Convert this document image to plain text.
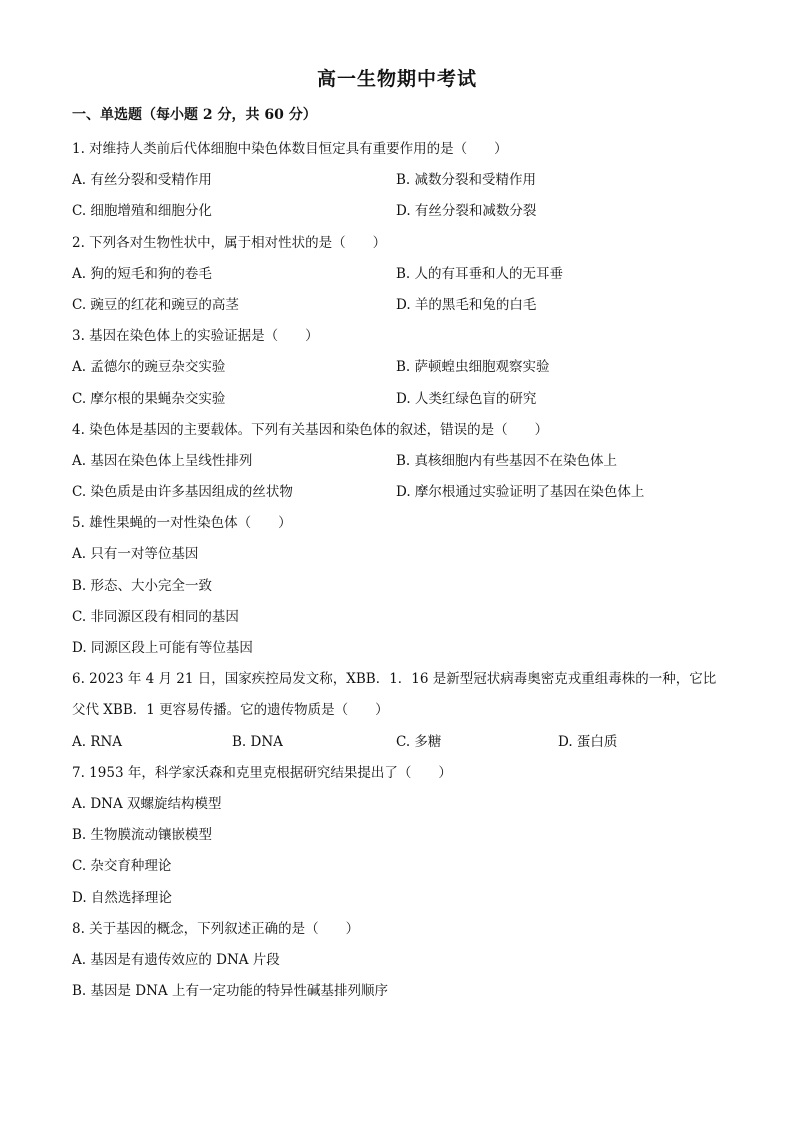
高一生物期中考试
一、单选题（每小题 2 分，共 60 分）
1. 对维持人类前后代体细胞中染色体数目恒定具有重要作用的是（　　）
A. 有丝分裂和受精作用	B. 减数分裂和受精作用
C. 细胞增殖和细胞分化	D. 有丝分裂和减数分裂
2. 下列各对生物性状中，属于相对性状的是（　　）
A. 狗的短毛和狗的卷毛	B. 人的有耳垂和人的无耳垂
C. 豌豆的红花和豌豆的高茎	D. 羊的黑毛和兔的白毛
3. 基因在染色体上的实验证据是（　　）
A. 孟德尔的豌豆杂交实验	B. 萨顿蝗虫细胞观察实验
C. 摩尔根的果蝇杂交实验	D. 人类红绿色盲的研究
4. 染色体是基因的主要载体。下列有关基因和染色体的叙述，错误的是（　　）
A. 基因在染色体上呈线性排列	B. 真核细胞内有些基因不在染色体上
C. 染色质是由许多基因组成的丝状物	D. 摩尔根通过实验证明了基因在染色体上
5. 雄性果蝇的一对性染色体（　　）
A. 只有一对等位基因
B. 形态、大小完全一致
C. 非同源区段有相同的基因
D. 同源区段上可能有等位基因
6. 2023 年 4 月 21 日，国家疾控局发文称，XBB．1．16 是新型冠状病毒奥密克戎重组毒株的一种，它比
父代 XBB．1 更容易传播。它的遗传物质是（　　）
A. RNA	B. DNA	C. 多糖	D. 蛋白质
7. 1953 年，科学家沃森和克里克根据研究结果提出了（　　）
A. DNA 双螺旋结构模型
B. 生物膜流动镶嵌模型
C. 杂交育种理论
D. 自然选择理论
8. 关于基因的概念，下列叙述正确的是（　　）
A. 基因是有遗传效应的 DNA 片段
B. 基因是 DNA 上有一定功能的特异性碱基排列顺序
